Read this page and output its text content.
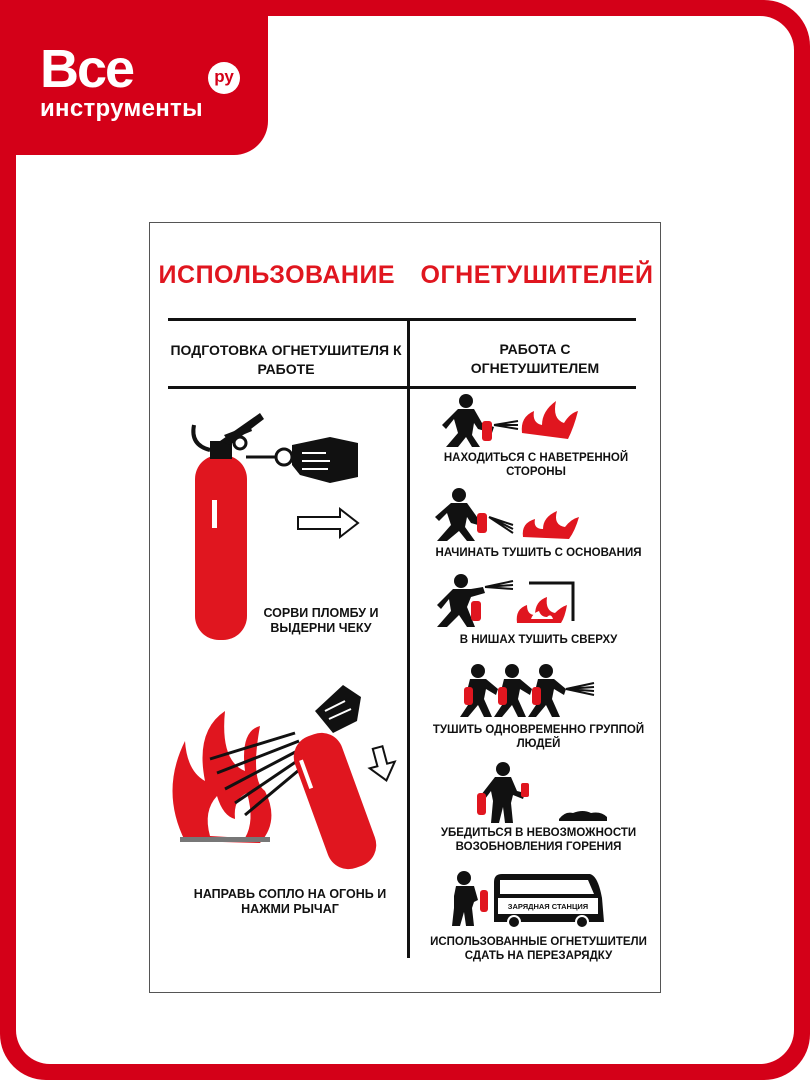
Все	ру
инструменты
ИСПОЛЬЗОВАНИЕ ОГНЕТУШИТЕЛЕЙ
ПОДГОТОВКА ОГНЕТУШИТЕЛЯ К РАБОТЕ
РАБОТА С ОГНЕТУШИТЕЛЕМ
СОРВИ ПЛОМБУ И ВЫДЕРНИ ЧЕКУ
НАПРАВЬ СОПЛО НА ОГОНЬ И НАЖМИ РЫЧАГ
НАХОДИТЬСЯ С НАВЕТРЕННОЙ СТОРОНЫ
НАЧИНАТЬ ТУШИТЬ С ОСНОВАНИЯ
В НИШАХ ТУШИТЬ СВЕРХУ
ТУШИТЬ ОДНОВРЕМЕННО ГРУППОЙ ЛЮДЕЙ
УБЕДИТЬСЯ В НЕВОЗМОЖНОСТИ ВОЗОБНОВЛЕНИЯ ГОРЕНИЯ
ЗАРЯДНАЯ СТАНЦИЯ
ИСПОЛЬЗОВАННЫЕ ОГНЕТУШИТЕЛИ СДАТЬ НА ПЕРЕЗАРЯДКУ
